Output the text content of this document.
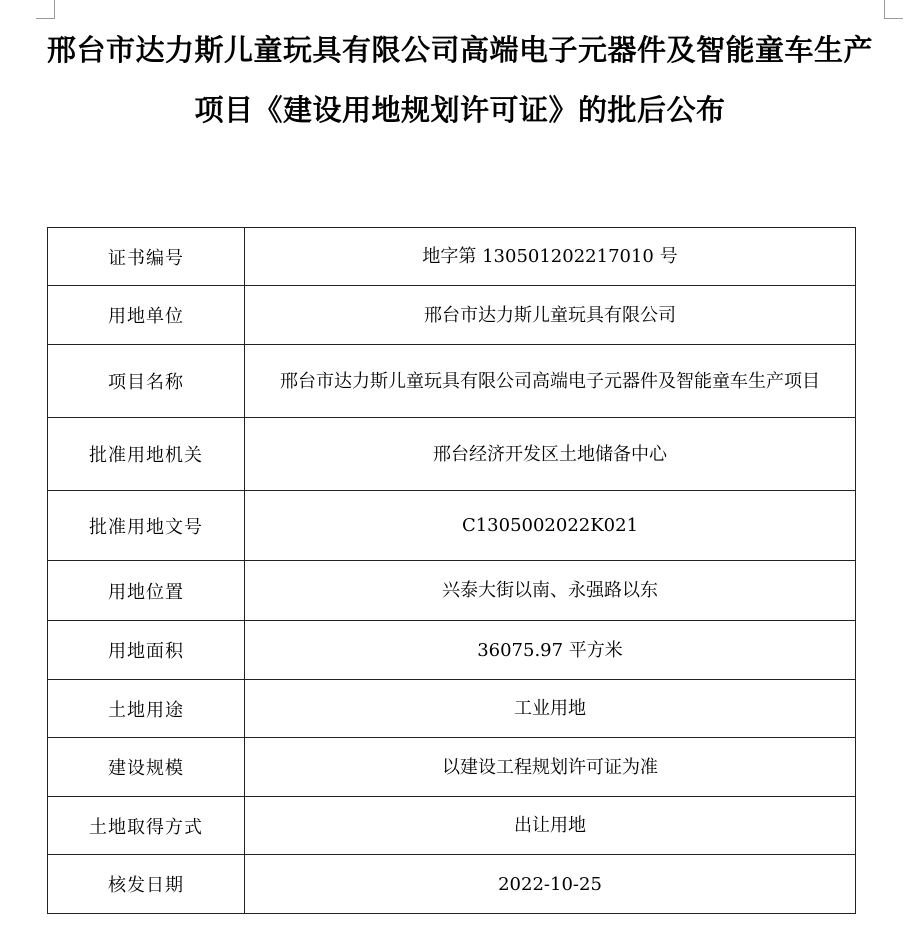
邢台市达力斯儿童玩具有限公司高端电子元器件及智能童车生产项目《建设用地规划许可证》的批后公布
证书编号	地字第 130501202217010 号
用地单位	邢台市达力斯儿童玩具有限公司
项目名称	邢台市达力斯儿童玩具有限公司高端电子元器件及智能童车生产项目
批准用地机关	邢台经济开发区土地储备中心
批准用地文号	C1305002022K021
用地位置	兴泰大街以南、永强路以东
用地面积	36075.97 平方米
土地用途	工业用地
建设规模	以建设工程规划许可证为准
土地取得方式	出让用地
核发日期	2022-10-25
